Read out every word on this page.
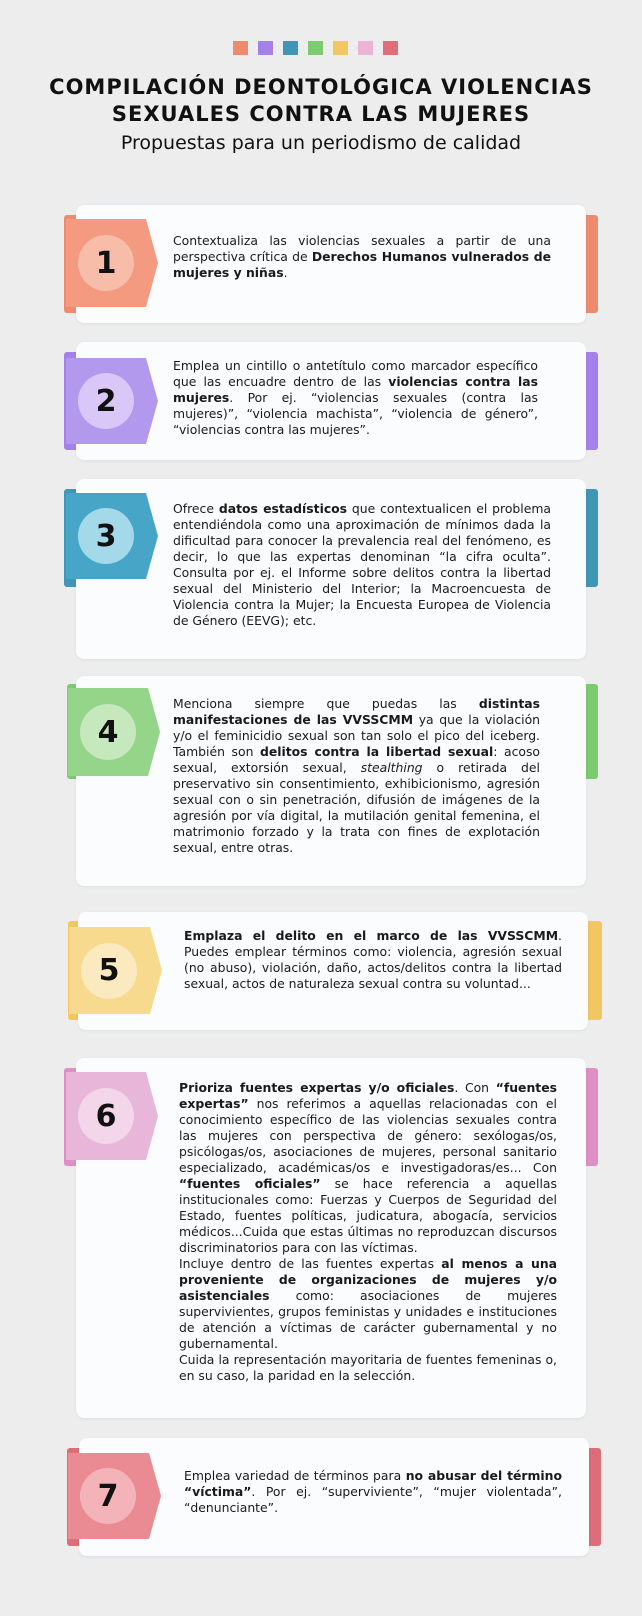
COMPILACIÓN DEONTOLÓGICA VIOLENCIAS
SEXUALES CONTRA LAS MUJERES
Propuestas para un periodismo de calidad
1
Contextualiza las violencias sexuales a partir de una perspectiva crítica de Derechos Humanos vulnerados de mujeres y niñas.
2
Emplea un cintillo o antetítulo como marcador específico que las encuadre dentro de las violencias contra las mujeres. Por ej. “violencias sexuales (contra las mujeres)”, “violencia machista”, “violencia de género”, “violencias contra las mujeres”.
3
Ofrece datos estadísticos que contextualicen el problema entendiéndola como una aproximación de mínimos dada la dificultad para conocer la prevalencia real del fenómeno, es decir, lo que las expertas denominan “la cifra oculta”. Consulta por ej. el Informe sobre delitos contra la libertad sexual del Ministerio del Interior; la Macroencuesta de Violencia contra la Mujer; la Encuesta Europea de Violencia de Género (EEVG); etc.
4
Menciona siempre que puedas las distintas manifestaciones de las VVSSCMM ya que la violación y/o el feminicidio sexual son tan solo el pico del iceberg. También son delitos contra la libertad sexual: acoso sexual, extorsión sexual, stealthing o retirada del preservativo sin consentimiento, exhibicionismo, agresión sexual con o sin penetración, difusión de imágenes de la agresión por vía digital, la mutilación genital femenina, el matrimonio forzado y la trata con fines de explotación sexual, entre otras.
5
Emplaza el delito en el marco de las VVSSCMM. Puedes emplear términos como: violencia, agresión sexual (no abuso), violación, daño, actos/delitos contra la libertad sexual, actos de naturaleza sexual contra su voluntad...
6
Prioriza fuentes expertas y/o oficiales. Con “fuentes expertas” nos referimos a aquellas relacionadas con el conocimiento específico de las violencias sexuales contra las mujeres con perspectiva de género: sexólogas/os, psicólogas/os, asociaciones de mujeres, personal sanitario especializado, académicas/os e investigadoras/es... Con “fuentes oficiales” se hace referencia a aquellas institucionales como: Fuerzas y Cuerpos de Seguridad del Estado, fuentes políticas, judicatura, abogacía, servicios médicos...Cuida que estas últimas no reproduzcan discursos discriminatorios para con las víctimas.
Incluye dentro de las fuentes expertas al menos a una proveniente de organizaciones de mujeres y/o asistenciales como: asociaciones de mujeres supervivientes, grupos feministas y unidades e instituciones de atención a víctimas de carácter gubernamental y no gubernamental.
Cuida la representación mayoritaria de fuentes femeninas o, en su caso, la paridad en la selección.
7
Emplea variedad de términos para no abusar del término “víctima”. Por ej. “superviviente”, “mujer violentada”, “denunciante”.
